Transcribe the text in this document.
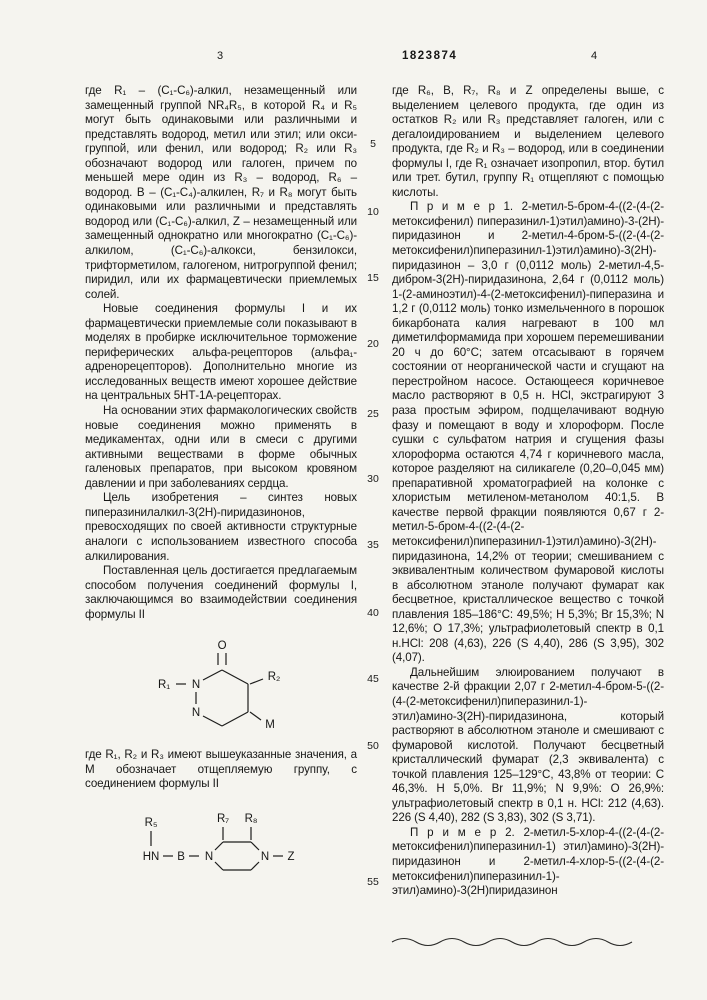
3	1823874	4
5
10
15
20
25
30
35
40
45
50
55

где R₁ – (С₁-С₆)-алкил, незамещенный или замещенный группой NR₄R₅, в которой R₄ и R₅ могут быть одинаковыми или различными и представлять водород, метил или этил; или окси-группой, или фенил, или водород; R₂ или R₃ обозначают водород или галоген, причем по меньшей мере один из R₃ – водород, R₆ – водород. В – (С₁-С₄)-алкилен, R₇ и R₈ могут быть одинаковыми или различными и представлять водород или (С₁-С₆)-алкил, Z – незамещенный или замещенный однократно или многократно (С₁-С₆)-алкилом, (С₁-С₆)-алкокси, бензилокси, трифторметилом, галогеном, нитрогруппой фенил; пиридил, или их фармацевтически приемлемых солей.

Новые соединения формулы I и их фармацевтически приемлемые соли показывают в моделях в пробирке исключительное торможение периферических альфа-рецепторов (альфа₁-адренорецепторов). Дополнительно многие из исследованных веществ имеют хорошее действие на центральных 5НТ-1А-рецепторах.

На основании этих фармакологических свойств новые соединения можно применять в медикаментах, одни или в смеси с другими активными веществами в форме обычных галеновых препаратов, при высоком кровяном давлении и при заболеваниях сердца.

Цель изобретения – синтез новых пиперазинилалкил-3(2Н)-пиридазинонов, превосходящих по своей активности структурные аналоги с использованием известного способа алкилирования.

Поставленная цель достигается предлагаемым способом получения соединений формулы I, заключающимся во взаимодействии соединения формулы II

O
N
N
R₁
R₂
M

где R₁, R₂ и R₃ имеют вышеуказанные значения, а М обозначает отщепляемую группу, с соединением формулы II

R₅
HN B N
R₇ R₈
N Z

где R₆, В, R₇, R₈ и Z определены выше, с выделением целевого продукта, где один из остатков R₂ или R₃ представляет галоген, или с дегалоидированием и выделением целевого продукта, где R₂ и R₃ – водород, или в соединении формулы I, где R₁ означает изопропил, втор. бутил или трет. бутил, группу R₁ отщепляют с помощью кислоты.

П р и м е р 1. 2-метил-5-бром-4-((2-(4-(2-метоксифенил) пиперазинил-1)этил)амино)-3-(2Н)-пиридазинон и 2-метил-4-бром-5-((2-(4-(2-метоксифенил)пиперазинил-1)этил)амино)-3(2Н)-пиридазинон – 3,0 г (0,0112 моль) 2-метил-4,5-дибром-3(2Н)-пиридазинона, 2,64 г (0,0112 моль) 1-(2-аминоэтил)-4-(2-метоксифенил)-пиперазина и 1,2 г (0,0112 моль) тонко измельченного в порошок бикарбоната калия нагревают в 100 мл диметилформамида при хорошем перемешивании 20 ч до 60°С; затем отсасывают в горячем состоянии от неорганической части и сгущают на перестройном насосе. Остающееся коричневое масло растворяют в 0,5 н. HCl, экстрагируют 3 раза простым эфиром, подщелачивают водную фазу и помещают в воду и хлороформ. После сушки с сульфатом натрия и сгущения фазы хлороформа остаются 4,74 г коричневого масла, которое разделяют на силикагеле (0,20–0,045 мм) препаративной хроматографией на колонке с хлористым метиленом-метанолом 40:1,5. В качестве первой фракции появляются 0,67 г 2-метил-5-бром-4-((2-(4-(2-метоксифенил)пиперазинил-1)этил)амино)-3(2Н)-пиридазинона, 14,2% от теории; смешиванием с эквивалентным количеством фумаровой кислоты в абсолютном этаноле получают фумарат как бесцветное, кристаллическое вещество с точкой плавления 185–186°С: 49,5%; Н 5,3%; Br 15,3%; N 12,6%; О 17,3%; ультрафиолетовый спектр в 0,1 н.HCl: 208 (4,63), 226 (S 4,40), 286 (S 3,95), 302 (4,07).

Дальнейшим элюированием получают в качестве 2-й фракции 2,07 г 2-метил-4-бром-5-((2-(4-(2-метоксифенил)пиперазинил-1)-этил)амино-3(2Н)-пиридазинона, который растворяют в абсолютном этаноле и смешивают с фумаровой кислотой. Получают бесцветный кристаллический фумарат (2,3 эквивалента) с точкой плавления 125–129°С, 43,8% от теории: С 46,3%. Н 5,0%. Br 11,9%; N 9,9%: О 26,9%: ультрафиолетовый спектр в 0,1 н. HCl: 212 (4,63). 226 (S 4,40), 282 (S 3,83), 302 (S 3,71).

П р и м е р 2. 2-метил-5-хлор-4-((2-(4-(2-метоксифенил)пиперазинил-1) этил)амино)-3(2Н)-пиридазинон и 2-метил-4-хлор-5-((2-(4-(2-метоксифенил)пиперазинил-1)-этил)амино)-3(2Н)пиридазинон
